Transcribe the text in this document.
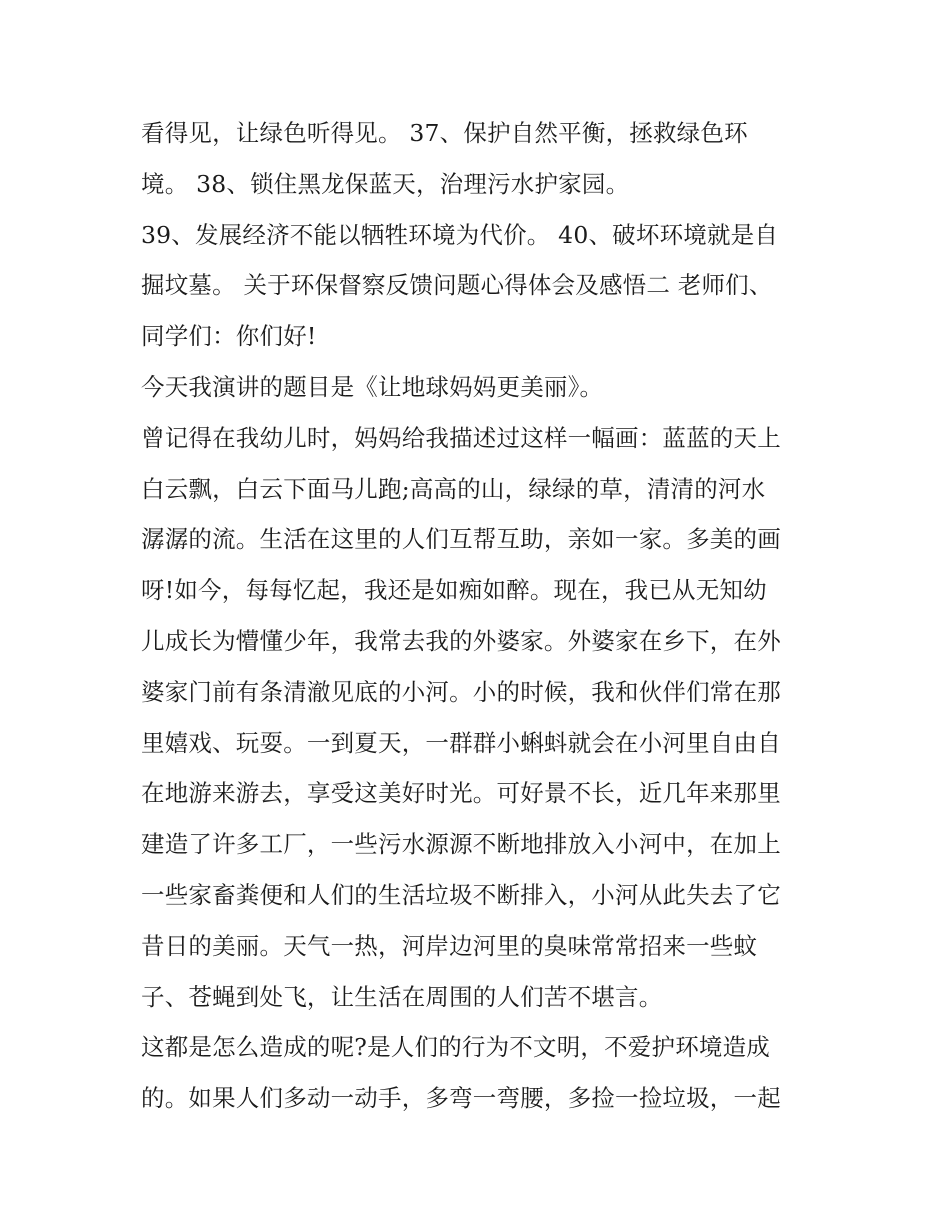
看得见，让绿色听得见。 37、保护自然平衡，拯救绿色环
境。 38、锁住黑龙保蓝天，治理污水护家园。
39、发展经济不能以牺牲环境为代价。 40、破坏环境就是自
掘坟墓。 关于环保督察反馈问题心得体会及感悟二 老师们、
同学们：你们好!
今天我演讲的题目是《让地球妈妈更美丽》。
曾记得在我幼儿时，妈妈给我描述过这样一幅画：蓝蓝的天上
白云飘，白云下面马儿跑;高高的山，绿绿的草，清清的河水
潺潺的流。生活在这里的人们互帮互助，亲如一家。多美的画
呀!如今，每每忆起，我还是如痴如醉。现在，我已从无知幼
儿成长为懵懂少年，我常去我的外婆家。外婆家在乡下，在外
婆家门前有条清澈见底的小河。小的时候，我和伙伴们常在那
里嬉戏、玩耍。一到夏天，一群群小蝌蚪就会在小河里自由自
在地游来游去，享受这美好时光。可好景不长，近几年来那里
建造了许多工厂，一些污水源源不断地排放入小河中，在加上
一些家畜粪便和人们的生活垃圾不断排入，小河从此失去了它
昔日的美丽。天气一热，河岸边河里的臭味常常招来一些蚊
子、苍蝇到处飞，让生活在周围的人们苦不堪言。
这都是怎么造成的呢?是人们的行为不文明，不爱护环境造成
的。如果人们多动一动手，多弯一弯腰，多捡一捡垃圾，一起
